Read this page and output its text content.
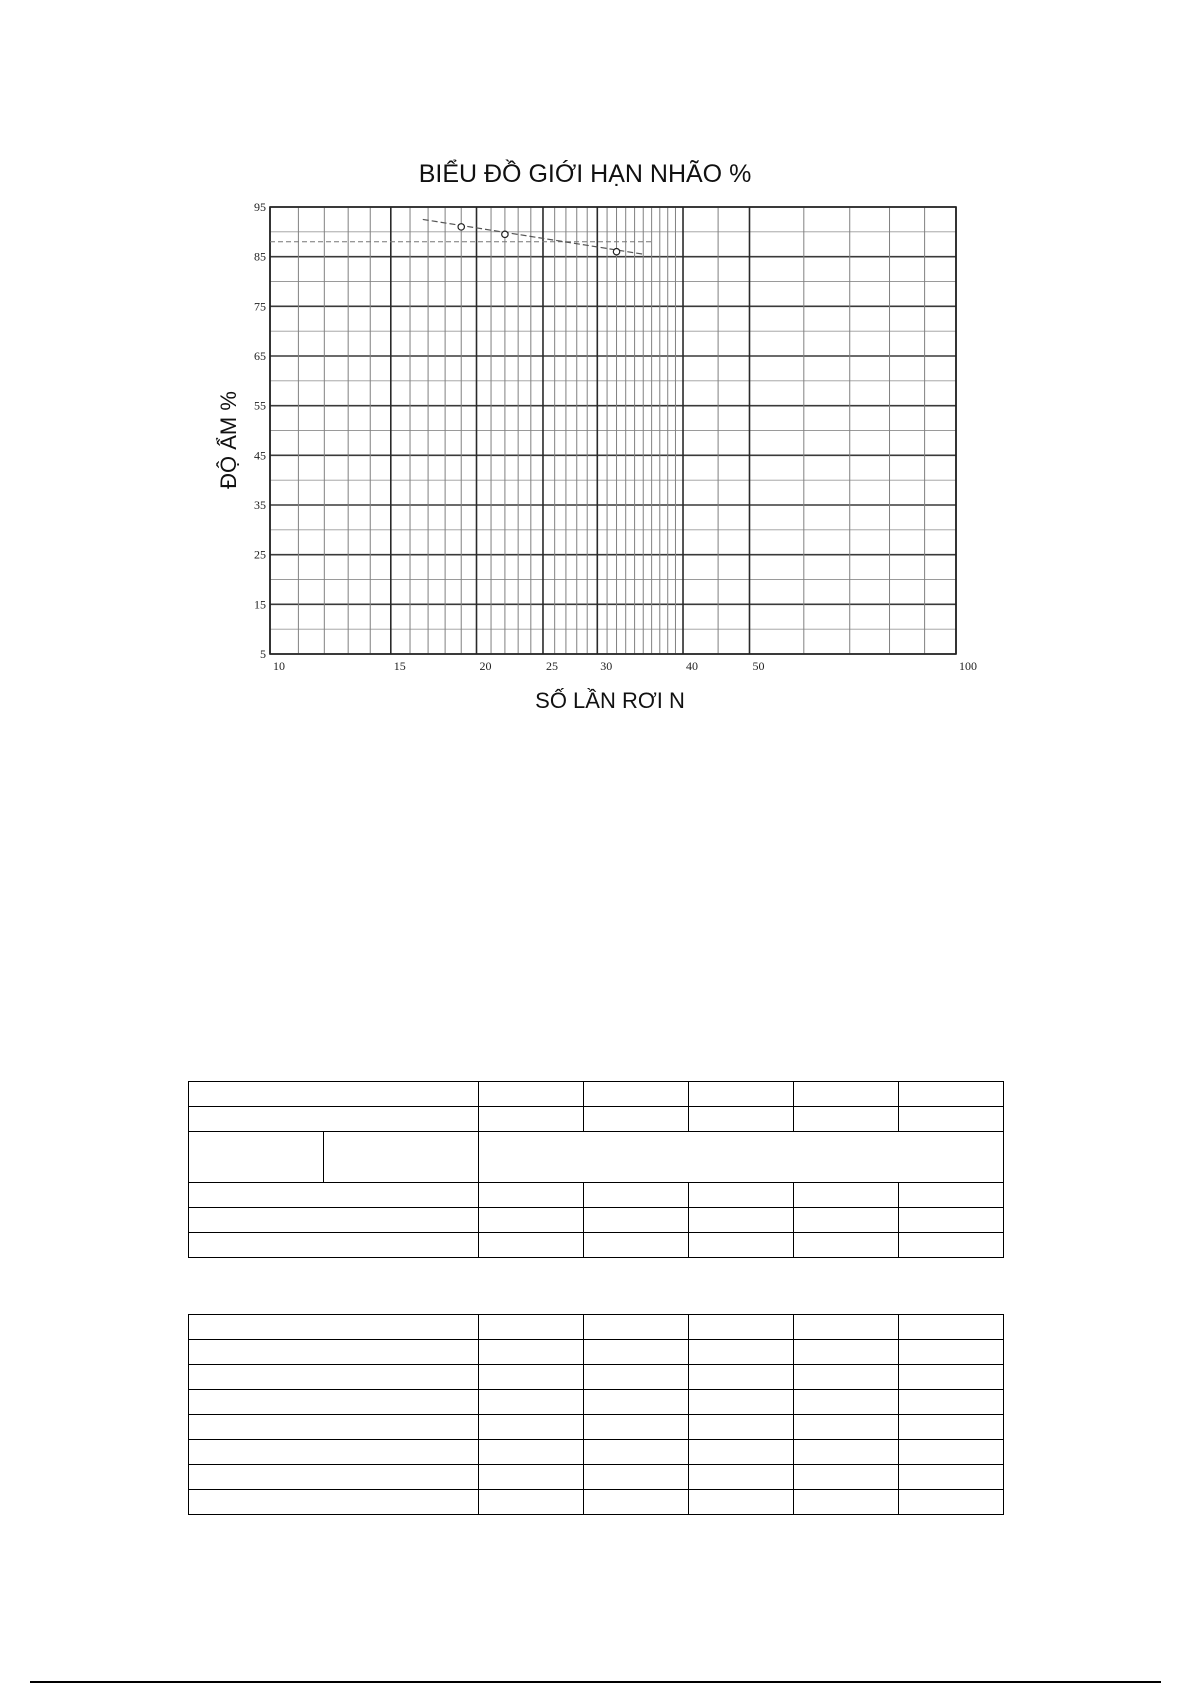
10	15	20	25	30	40	50	100
5
15
25
35
45
55
65
75
85
95
BIỂU ĐỒ GIỚI HẠN NHÃO %
SỐ LẦN RƠI N
ĐỘ ẨM %
